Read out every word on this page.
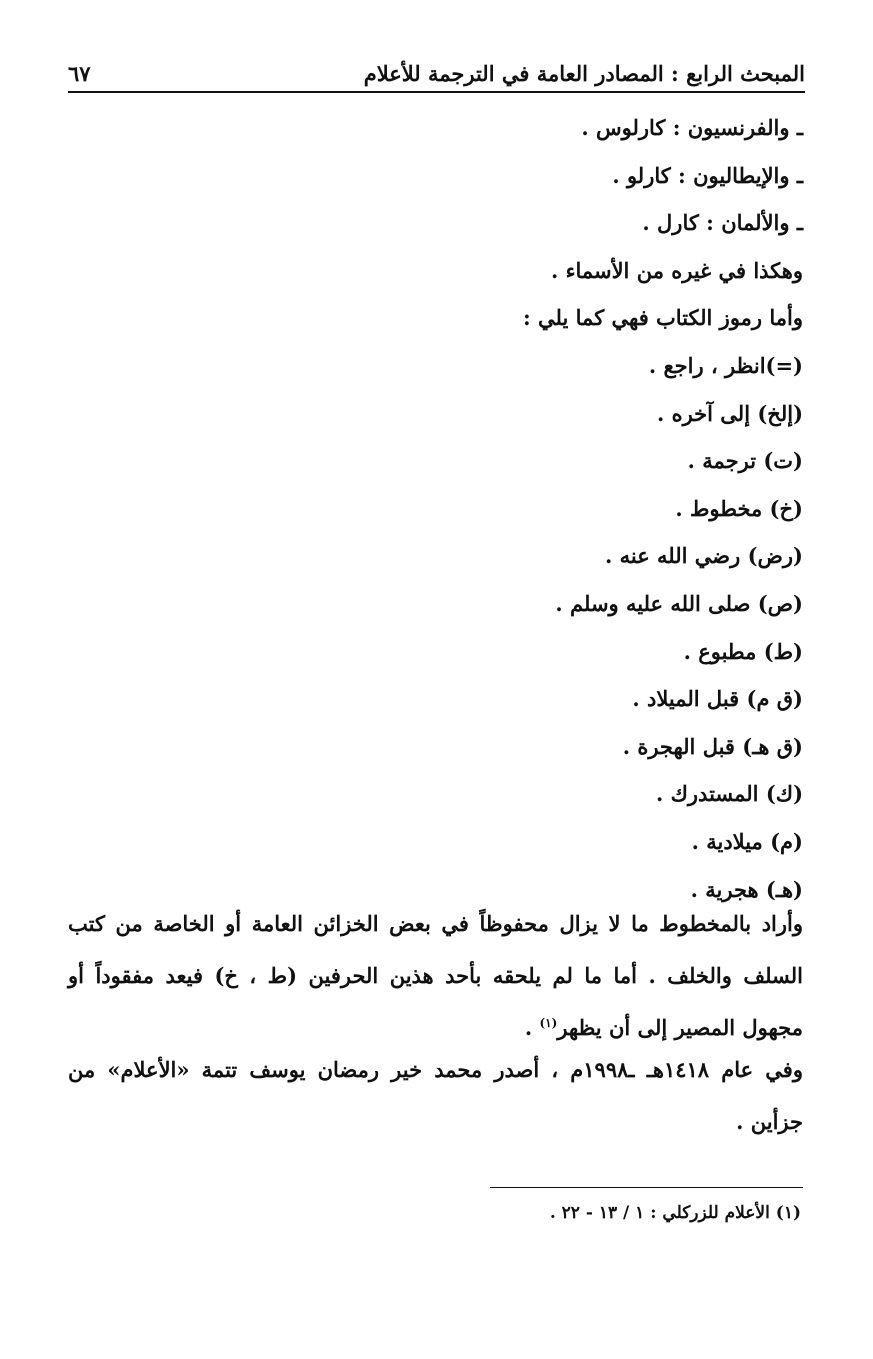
المبحث الرابع : المصادر العامة في الترجمة للأعلام
٦٧
ـ والفرنسيون : كارلوس .
ـ والإيطاليون : كارلو .
ـ والألمان : كارل .
وهكذا في غيره من الأسماء .
وأما رموز الكتاب فهي كما يلي :
(=)انظر ، راجع .
(إلخ) إلى آخره .
(ت) ترجمة .
(خ) مخطوط .
(رض) رضي الله عنه .
(ص) صلى الله عليه وسلم .
(ط) مطبوع .
(ق م) قبل الميلاد .
(ق هـ) قبل الهجرة .
(ك) المستدرك .
(م) ميلادية .
(هـ) هجرية .

وأراد بالمخطوط ما لا يزال محفوظاً في بعض الخزائن العامة أو الخاصة من كتب السلف والخلف . أما ما لم يلحقه بأحد هذين الحرفين (ط ، خ) فيعد مفقوداً أو مجهول المصير إلى أن يظهر$^{(١)}$ .

وفي عام ١٤١٨هـ ـ١٩٩٨م ، أصدر محمد خير رمضان يوسف تتمة «الأعلام» من جزأين .

(١) الأعلام للزركلي : ١ / ١٣ - ٢٢ .
